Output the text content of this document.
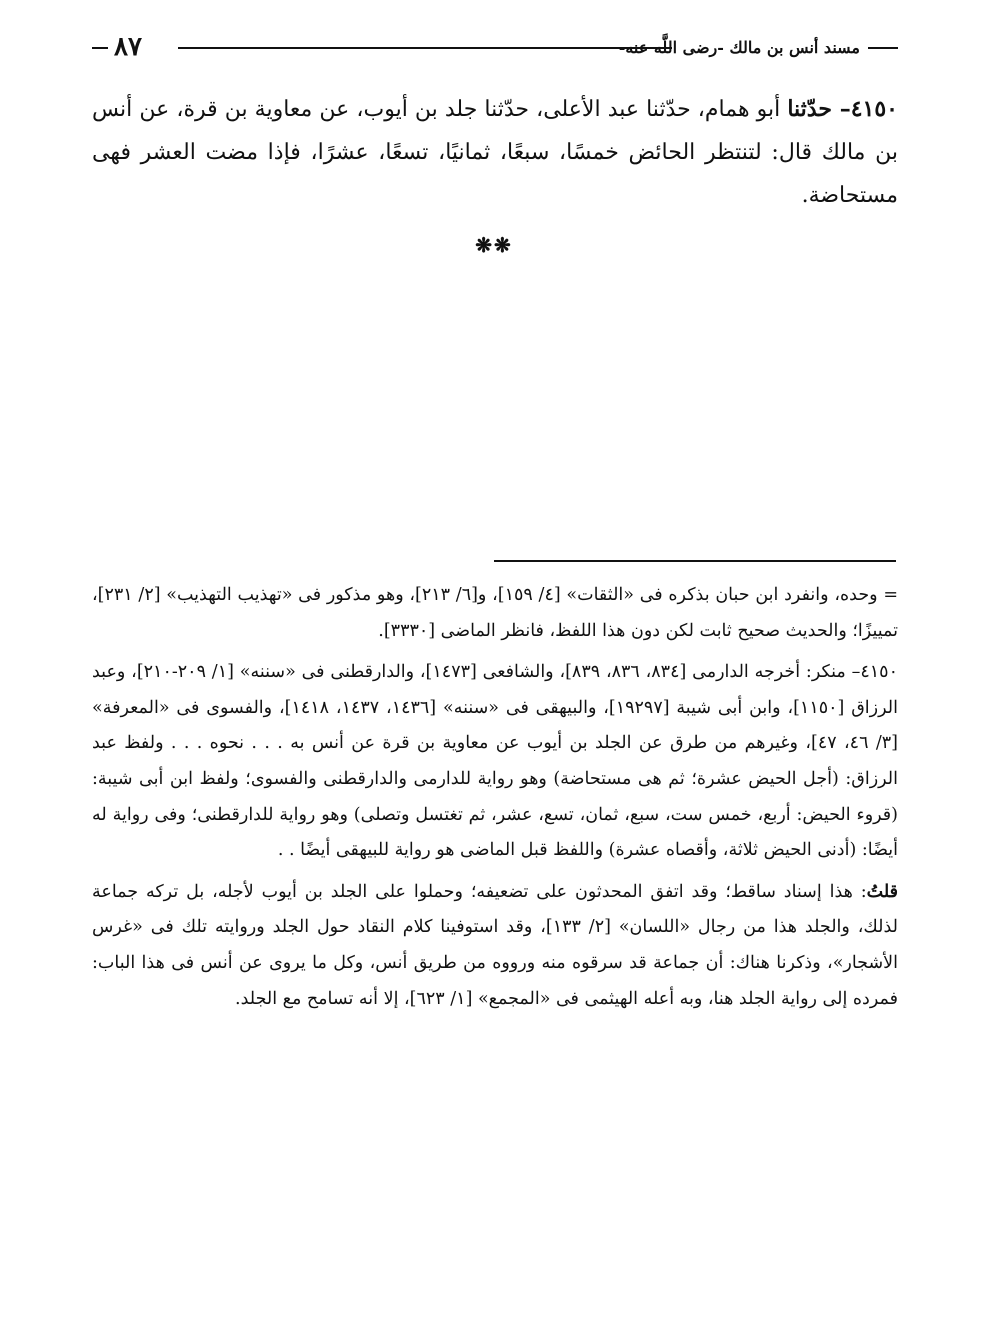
٨٧	مسند أنس بن مالك -رضى اللَّه عنه-
٤١٥٠– حدّثنا أبو همام، حدّثنا عبد الأعلى، حدّثنا جلد بن أيوب، عن معاوية بن قرة، عن أنس بن مالك قال: لتنتظر الحائض خمسًا، سبعًا، ثمانيًا، تسعًا، عشرًا، فإذا مضت العشر فهى مستحاضة.
❋❋

= وحده، وانفرد ابن حبان بذكره فى «الثقات» [٤/ ١٥٩]، و[٦/ ٢١٣]، وهو مذكور فى «تهذيب التهذيب» [٢/ ٢٣١]، تمييزًا؛ والحديث صحيح ثابت لكن دون هذا اللفظ، فانظر الماضى [٣٣٣٠].

٤١٥٠– منكر: أخرجه الدارمى [٨٣٤، ٨٣٦، ٨٣٩]، والشافعى [١٤٧٣]، والدارقطنى فى «سننه» [١/ ٢٠٩-٢١٠]، وعبد الرزاق [١١٥٠]، وابن أبى شيبة [١٩٢٩٧]، والبيهقى فى «سننه» [١٤٣٦، ١٤٣٧، ١٤١٨]، والفسوى فى «المعرفة» [٣/ ٤٦، ٤٧]، وغيرهم من طرق عن الجلد بن أيوب عن معاوية بن قرة عن أنس به . . . نحوه . . . ولفظ عبد الرزاق: (أجل الحيض عشرة؛ ثم هى مستحاضة) وهو رواية للدارمى والدارقطنى والفسوى؛ ولفظ ابن أبى شيبة: (قروء الحيض: أربع، خمس ست، سبع، ثمان، تسع، عشر، ثم تغتسل وتصلى) وهو رواية للدارقطنى؛ وفى رواية له أيضًا: (أدنى الحيض ثلاثة، وأقصاه عشرة) واللفظ قبل الماضى هو رواية للبيهقى أيضًا . .

قلتُ: هذا إسناد ساقط؛ وقد اتفق المحدثون على تضعيفه؛ وحملوا على الجلد بن أيوب لأجله، بل تركه جماعة لذلك، والجلد هذا من رجال «اللسان» [٢/ ١٣٣]، وقد استوفينا كلام النقاد حول الجلد وروايته تلك فى «غرس الأشجار»، وذكرنا هناك: أن جماعة قد سرقوه منه ورووه من طريق أنس، وكل ما يروى عن أنس فى هذا الباب: فمرده إلى رواية الجلد هنا، وبه أعله الهيثمى فى «المجمع» [١/ ٦٢٣]، إلا أنه تسامح مع الجلد.
